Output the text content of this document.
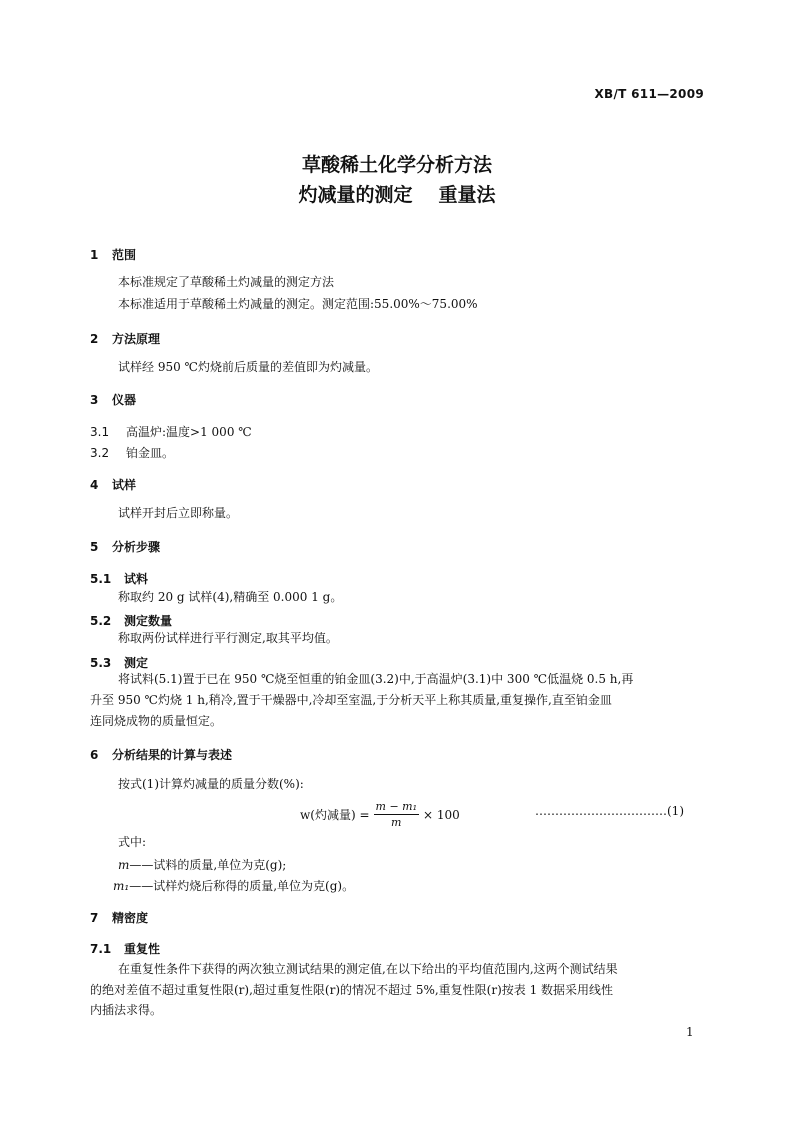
XB/T 611—2009
草酸稀土化学分析方法
灼减量的测定 重量法
1 范围
本标准规定了草酸稀土灼减量的测定方法
本标准适用于草酸稀土灼减量的测定。测定范围:55.00%～75.00%
2 方法原理
试样经 950 ℃灼烧前后质量的差值即为灼减量。
3 仪器
3.1 高温炉:温度>1 000 ℃
3.2 铂金皿。
4 试样
试样开封后立即称量。
5 分析步骤
5.1 试料
称取约 20 g 试样(4),精确至 0.000 1 g。
5.2 测定数量
称取两份试样进行平行测定,取其平均值。
5.3 测定
将试料(5.1)置于已在 950 ℃烧至恒重的铂金皿(3.2)中,于高温炉(3.1)中 300 ℃低温烧 0.5 h,再
升至 950 ℃灼烧 1 h,稍冷,置于干燥器中,冷却至室温,于分析天平上称其质量,重复操作,直至铂金皿
连同烧成物的质量恒定。
6 分析结果的计算与表述
按式(1)计算灼减量的质量分数(%):
w(灼减量) = $\frac{\text{m − m₁}}{m} \times 100$	……………………………(1)
式中:
m——试料的质量,单位为克(g);
m₁——试样灼烧后称得的质量,单位为克(g)。
7 精密度
7.1 重复性
在重复性条件下获得的两次独立测试结果的测定值,在以下给出的平均值范围内,这两个测试结果
的绝对差值不超过重复性限(r),超过重复性限(r)的情况不超过 5%,重复性限(r)按表 1 数据采用线性
内插法求得。
1
